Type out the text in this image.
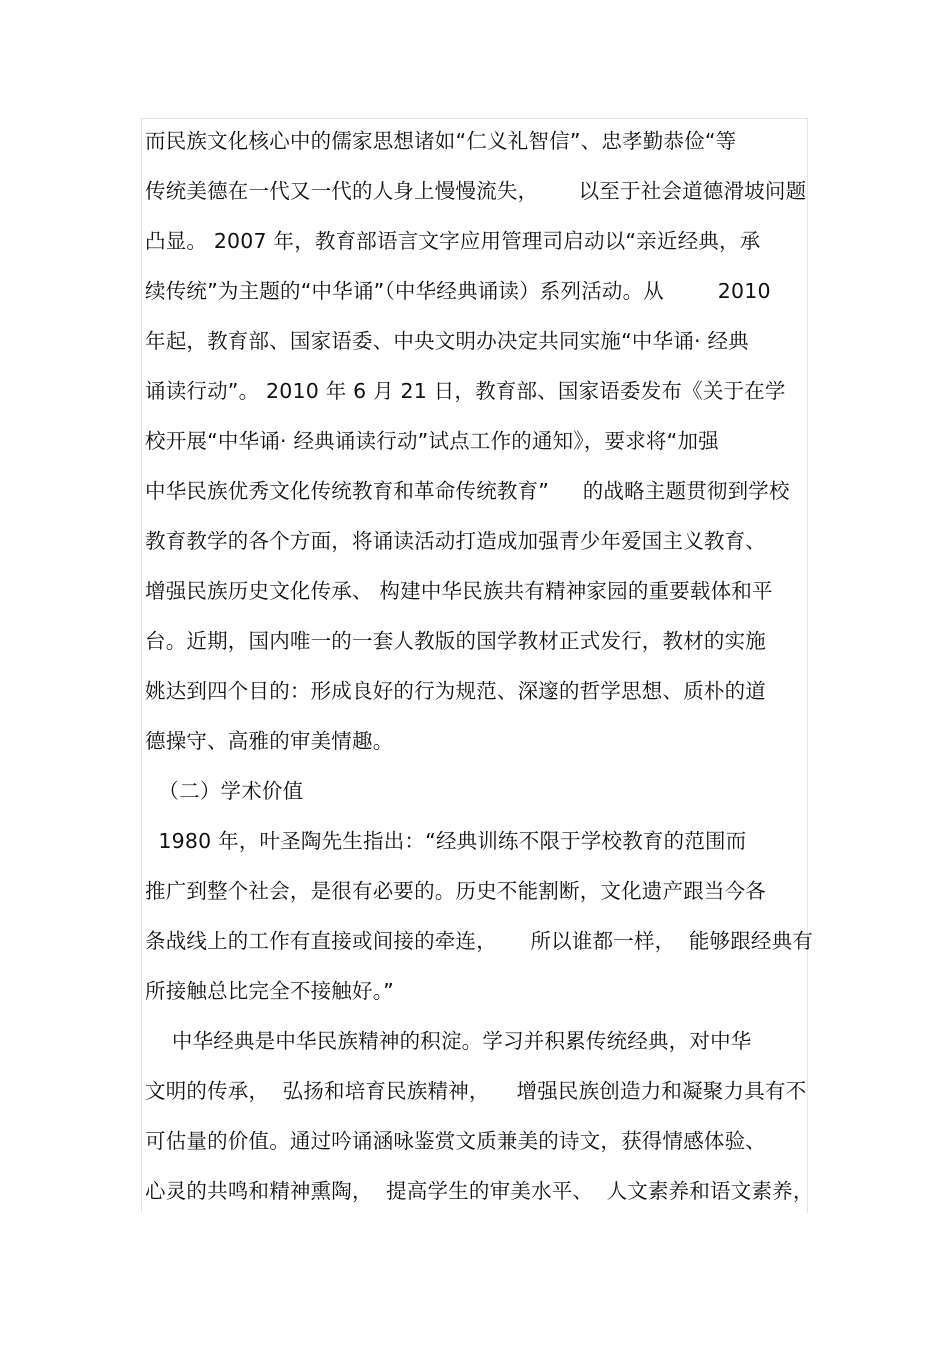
而民族文化核心中的儒家思想诸如“仁义礼智信”、忠孝勤恭俭“等
传统美德在一代又一代的人身上慢慢流失，      以至于社会道德滑坡问题
凸显。 2007 年，教育部语言文字应用管理司启动以“亲近经典，承
续传统”为主题的“中华诵”（中华经典诵读）系列活动。从        2010
年起，教育部、国家语委、中央文明办决定共同实施“中华诵· 经典
诵读行动”。 2010 年 6 月 21 日，教育部、国家语委发布《关于在学
校开展“中华诵· 经典诵读行动”试点工作的通知》，要求将“加强
中华民族优秀文化传统教育和革命传统教育”     的战略主题贯彻到学校
教育教学的各个方面，将诵读活动打造成加强青少年爱国主义教育、
增强民族历史文化传承、 构建中华民族共有精神家园的重要载体和平
台。近期，国内唯一的一套人教版的国学教材正式发行，教材的实施
姚达到四个目的：形成良好的行为规范、深邃的哲学思想、质朴的道
德操守、高雅的审美情趣。
（二）学术价值
1980 年，叶圣陶先生指出：“经典训练不限于学校教育的范围而
推广到整个社会，是很有必要的。历史不能割断，文化遗产跟当今各
条战线上的工作有直接或间接的牵连，     所以谁都一样，  能够跟经典有
所接触总比完全不接触好。”
中华经典是中华民族精神的积淀。学习并积累传统经典，对中华
文明的传承，  弘扬和培育民族精神，    增强民族创造力和凝聚力具有不
可估量的价值。通过吟诵涵咏鉴赏文质兼美的诗文，获得情感体验、
心灵的共鸣和精神熏陶，  提高学生的审美水平、  人文素养和语文素养，
